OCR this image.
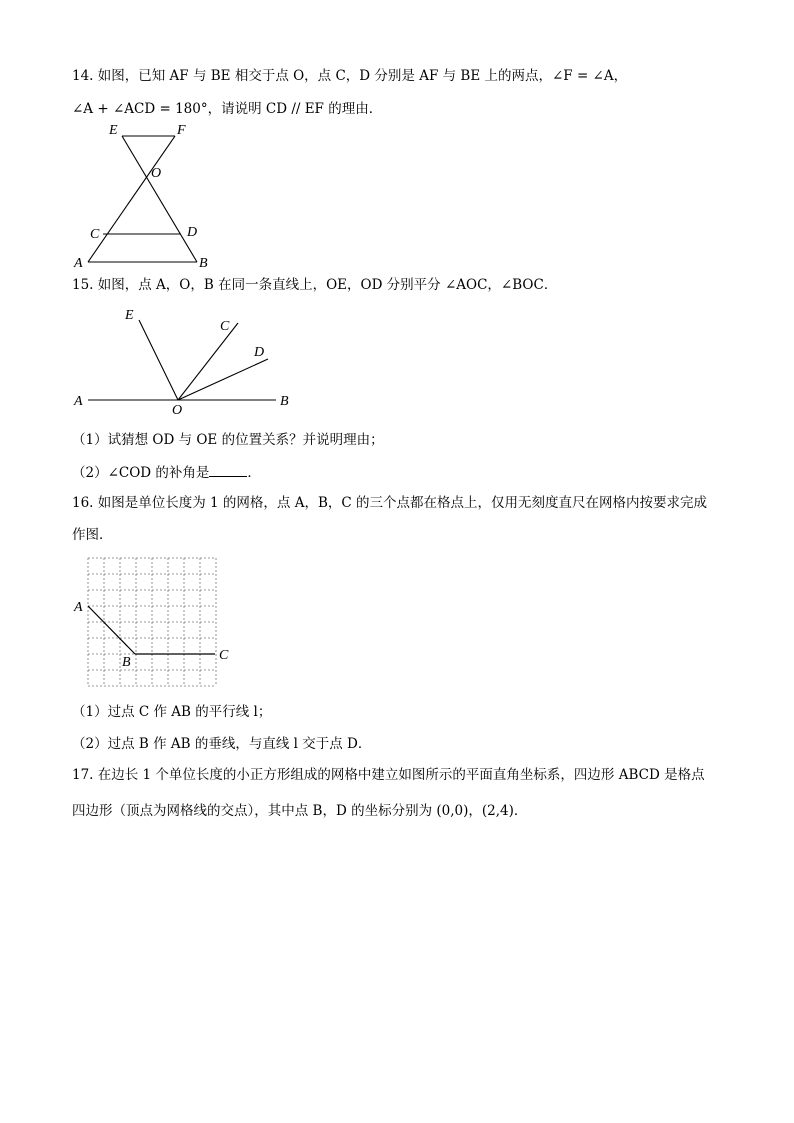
14. 如图，已知 AF 与 BE 相交于点 O，点 C，D 分别是 AF 与 BE 上的两点，∠F = ∠A，
∠A + ∠ACD = 180°，请说明 CD // EF 的理由．
E	F
O
C	D
A	B
15. 如图，点 A，O，B 在同一条直线上，OE，OD 分别平分 ∠AOC，∠BOC．
E
C
D
A
O
B
（1）试猜想 OD 与 OE 的位置关系？并说明理由；
（2）∠COD 的补角是	．
16. 如图是单位长度为 1 的网格，点 A，B，C 的三个点都在格点上，仅用无刻度直尺在网格内按要求完成
作图．
A
B	C
（1）过点 C 作 AB 的平行线 l；
（2）过点 B 作 AB 的垂线，与直线 l 交于点 D．
17. 在边长 1 个单位长度的小正方形组成的网格中建立如图所示的平面直角坐标系，四边形 ABCD 是格点
四边形（顶点为网格线的交点），其中点 B，D 的坐标分别为 (0,0)，(2,4)．
